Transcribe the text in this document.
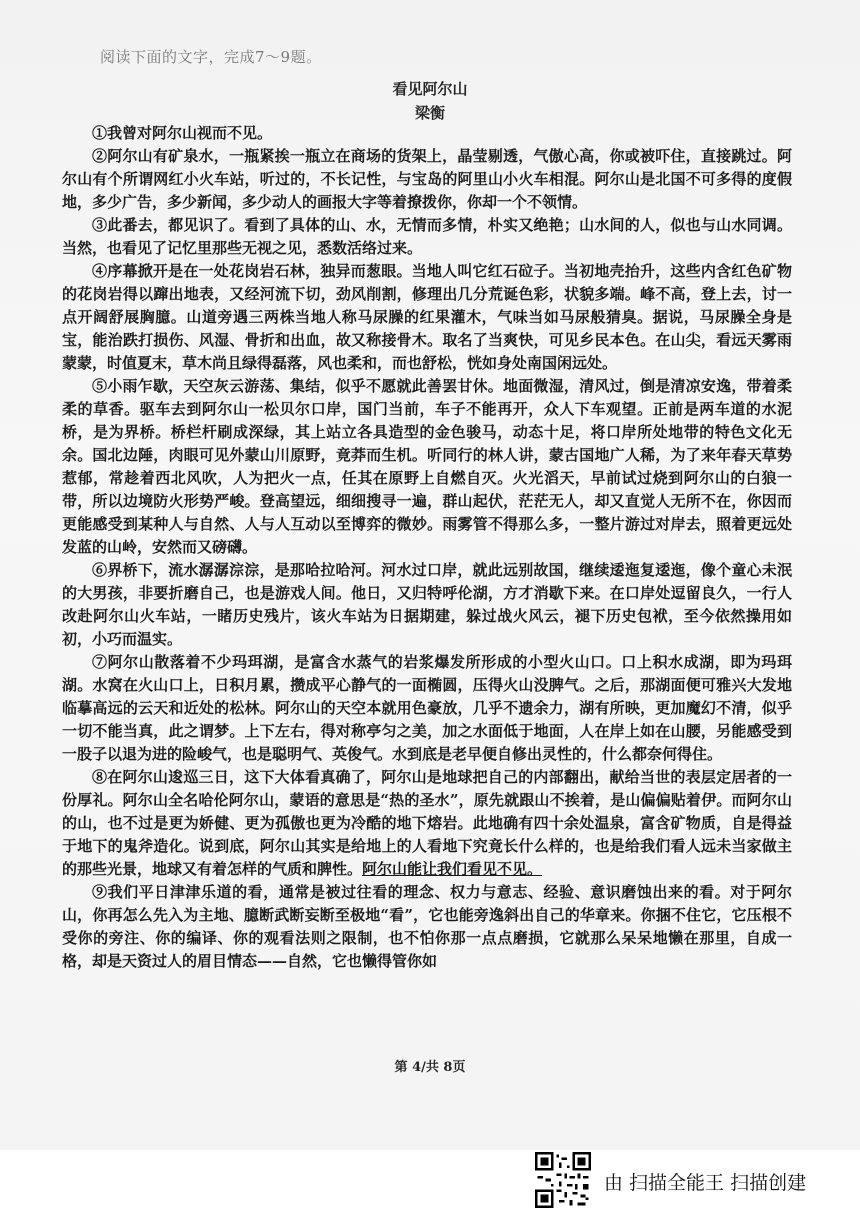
阅读下面的文字，完成7～9题。
看见阿尔山
梁衡

①我曾对阿尔山视而不见。

②阿尔山有矿泉水，一瓶紧挨一瓶立在商场的货架上，晶莹剔透，气傲心高，你或被吓住，直接跳过。阿尔山有个所谓网红小火车站，听过的，不长记性，与宝岛的阿里山小火车相混。阿尔山是北国不可多得的度假地，多少广告，多少新闻，多少动人的画报大字等着撩拨你，你却一个不领情。

③此番去，都见识了。看到了具体的山、水，无情而多情，朴实又绝艳；山水间的人，似也与山水同调。当然，也看见了记忆里那些无视之见，悉数活络过来。

④序幕掀开是在一处花岗岩石林，独异而葱眼。当地人叫它红石砬子。当初地壳抬升，这些内含红色矿物的花岗岩得以蹿出地表，又经河流下切，劲风削割，修理出几分荒诞色彩，状貌多端。峰不高，登上去，讨一点开阔舒展胸臆。山道旁遇三两株当地人称马尿臊的红果灌木，气味当如马尿般猜臭。据说，马尿臊全身是宝，能治跌打损伤、风湿、骨折和出血，故又称接骨木。取名了当爽快，可见乡民本色。在山尖，看远天雾雨蒙蒙，时值夏末，草木尚且绿得磊落，风也柔和，而也舒松，恍如身处南国闲远处。

⑤小雨乍歇，天空灰云游荡、集结，似乎不愿就此善罢甘休。地面微湿，清风过，倒是清凉安逸，带着柔柔的草香。驱车去到阿尔山一松贝尔口岸，国门当前，车子不能再开，众人下车观望。正前是两车道的水泥桥，是为界桥。桥栏杆刷成深绿，其上站立各具造型的金色骏马，动态十足，将口岸所处地带的特色文化无余。国北边陲，肉眼可见外蒙山川原野，竟莽而生机。听同行的林人讲，蒙古国地广人稀，为了来年春天草势惹郁，常趁着西北风吹，人为把火一点，任其在原野上自燃自灭。火光滔天，早前试过烧到阿尔山的白狼一带，所以边境防火形势严峻。登高望远，细细搜寻一遍，群山起伏，茫茫无人，却又直觉人无所不在，你因而更能感受到某种人与自然、人与人互动以至博弈的微妙。雨雾管不得那么多，一整片游过对岸去，照着更远处发蓝的山岭，安然而又磅礴。

⑥界桥下，流水潺潺淙淙，是那哈拉哈河。河水过口岸，就此远别故国，继续逶迤复逶迤，像个童心未泯的大男孩，非要折磨自己，也是游戏人间。他日，又归特呼伦湖，方才消歇下来。在口岸处逗留良久，一行人改赴阿尔山火车站，一睹历史残片，该火车站为日据期建，躲过战火风云，褪下历史包袱，至今依然操用如初，小巧而温实。

⑦阿尔山散落着不少玛珥湖，是富含水蒸气的岩浆爆发所形成的小型火山口。口上积水成湖，即为玛珥湖。水窝在火山口上，日积月累，攒成平心静气的一面椭圆，压得火山没脾气。之后，那湖面便可雅兴大发地临摹高远的云天和近处的松林。阿尔山的天空本就用色豪放，几乎不遗余力，湖有所映，更加魔幻不清，似乎一切不能当真，此之谓梦。上下左右，得对称亭匀之美，加之水面低于地面，人在岸上如在山腰，另能感受到一股子以退为进的险峻气，也是聪明气、英俊气。水到底是老早便自修出灵性的，什么都奈何得住。

⑧在阿尔山逡巡三日，这下大体看真确了，阿尔山是地球把自己的内部翻出，献给当世的表层定居者的一份厚礼。阿尔山全名哈伦阿尔山，蒙语的意思是“热的圣水”，原先就跟山不挨着，是山偏偏贴着伊。而阿尔山的山，也不过是更为娇健、更为孤傲也更为冷酷的地下熔岩。此地确有四十余处温泉，富含矿物质，自是得益于地下的鬼斧造化。说到底，阿尔山其实是给地上的人看地下究竟长什么样的，也是给我们看人远未当家做主的那些光景，地球又有着怎样的气质和脾性。阿尔山能让我们看见不见。

⑨我们平日津津乐道的看，通常是被过往看的理念、权力与意志、经验、意识磨蚀出来的看。对于阿尔山，你再怎么先入为主地、臆断武断妄断至极地“看”，它也能旁逸斜出自己的华章来。你捆不住它，它压根不受你的旁注、你的编译、你的观看法则之限制，也不怕你那一点点磨损，它就那么呆呆地懒在那里，自成一格，却是天资过人的眉目情态——自然，它也懒得管你如

第 4/共 8页
由 扫描全能王 扫描创建
